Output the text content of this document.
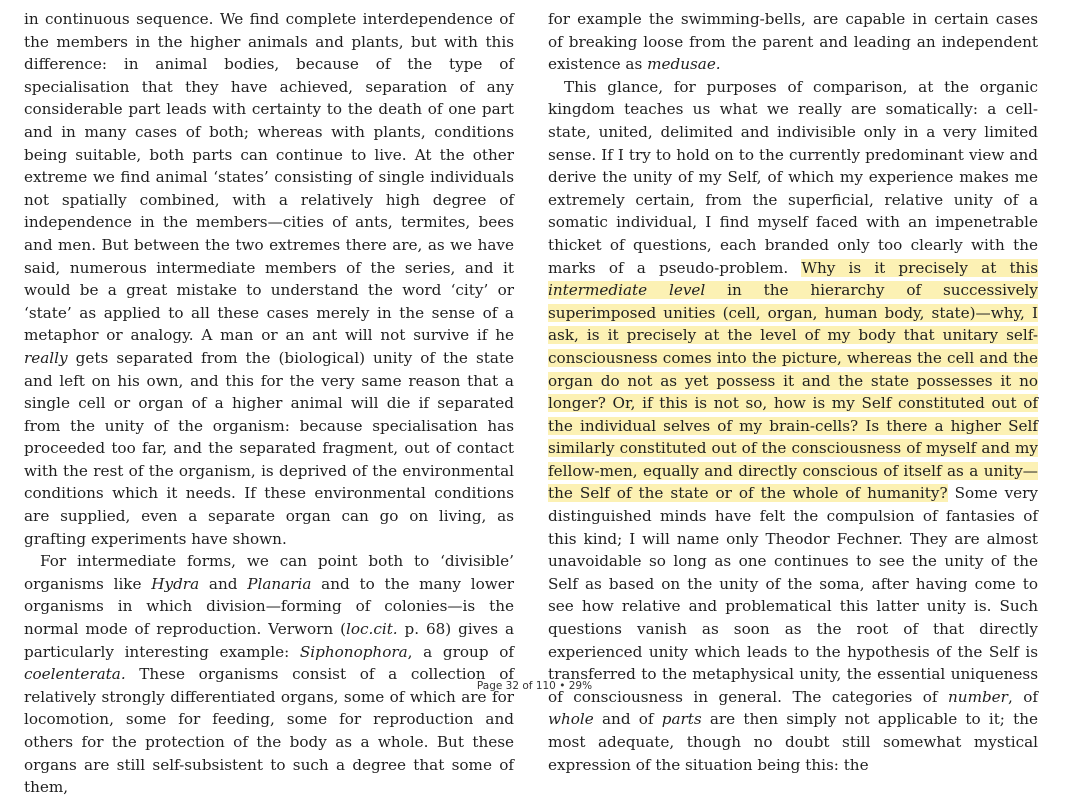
in continuous sequence. We find complete interdependence of the members in the higher animals and plants, but with this difference: in animal bodies, because of the type of specialisation that they have achieved, separation of any considerable part leads with certainty to the death of one part and in many cases of both; whereas with plants, conditions being suitable, both parts can continue to live. At the other extreme we find animal ‘states’ consisting of single individuals not spatially combined, with a relatively high degree of independence in the members—cities of ants, termites, bees and men. But between the two extremes there are, as we have said, numerous intermediate members of the series, and it would be a great mistake to understand the word ‘city’ or ‘state’ as applied to all these cases merely in the sense of a metaphor or analogy. A man or an ant will not survive if he really gets separated from the (biological) unity of the state and left on his own, and this for the very same reason that a single cell or organ of a higher animal will die if separated from the unity of the organism: because specialisation has proceeded too far, and the separated fragment, out of contact with the rest of the organism, is deprived of the environmental conditions which it needs. If these environmental conditions are supplied, even a separate organ can go on living, as grafting experiments have shown.

For intermediate forms, we can point both to ‘divisible’ organisms like Hydra and Planaria and to the many lower organisms in which division—forming of colonies—is the normal mode of reproduction. Verworn (loc.cit. p. 68) gives a particularly interesting example: Siphonophora, a group of coelenterata. These organisms consist of a collection of relatively strongly differentiated organs, some of which are for locomotion, some for feeding, some for reproduction and others for the protection of the body as a whole. But these organs are still self-subsistent to such a degree that some of them,

for example the swimming-bells, are capable in certain cases of breaking loose from the parent and leading an independent existence as medusae.

This glance, for purposes of comparison, at the organic kingdom teaches us what we really are somatically: a cell-state, united, delimited and indivisible only in a very limited sense. If I try to hold on to the currently predominant view and derive the unity of my Self, of which my experience makes me extremely certain, from the superficial, relative unity of a somatic individual, I find myself faced with an impenetrable thicket of questions, each branded only too clearly with the marks of a pseudo-problem. Why is it precisely at this intermediate level in the hierarchy of successively superimposed unities (cell, organ, human body, state)—why, I ask, is it precisely at the level of my body that unitary self-consciousness comes into the picture, whereas the cell and the organ do not as yet possess it and the state possesses it no longer? Or, if this is not so, how is my Self constituted out of the individual selves of my brain-cells? Is there a higher Self similarly constituted out of the consciousness of myself and my fellow-men, equally and directly conscious of itself as a unity—the Self of the state or of the whole of humanity? Some very distinguished minds have felt the compulsion of fantasies of this kind; I will name only Theodor Fechner. They are almost unavoidable so long as one continues to see the unity of the Self as based on the unity of the soma, after having come to see how relative and problematical this latter unity is. Such questions vanish as soon as the root of that directly experienced unity which leads to the hypothesis of the Self is transferred to the metaphysical unity, the essential uniqueness of consciousness in general. The categories of number, of whole and of parts are then simply not applicable to it; the most adequate, though no doubt still somewhat mystical expression of the situation being this: the

Page 32 of 110 • 29%
